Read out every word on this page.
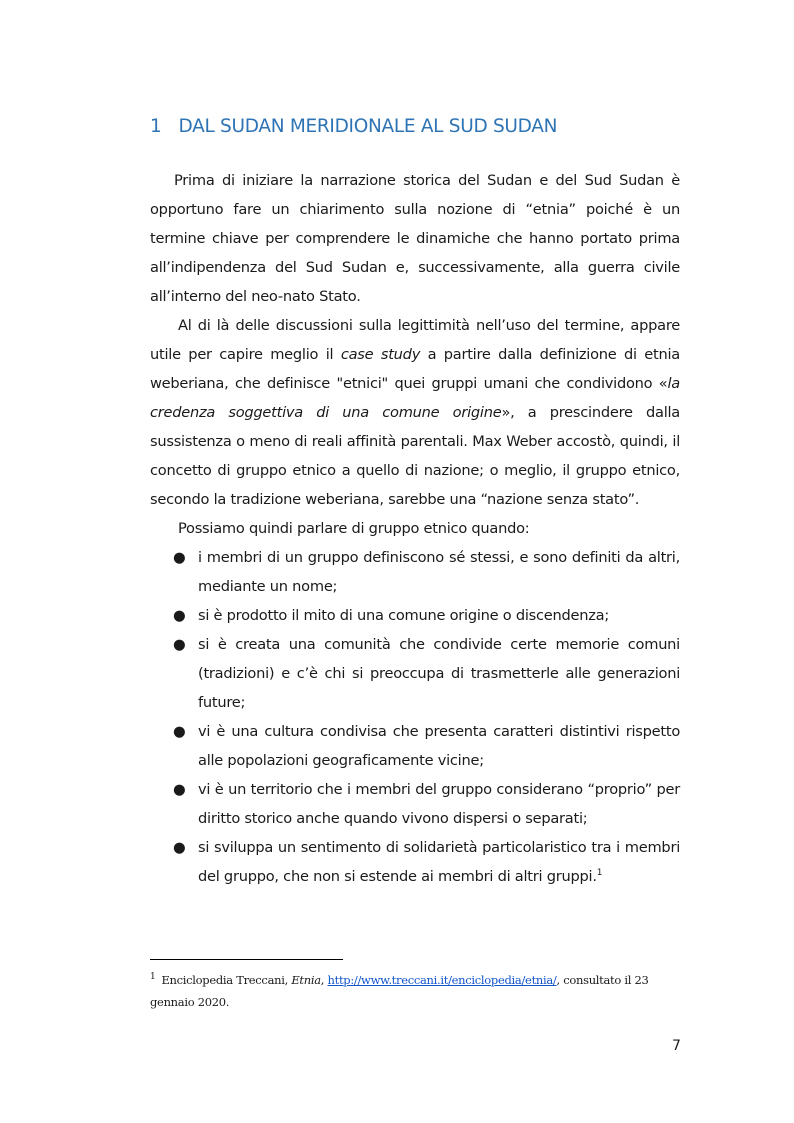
1 DAL SUDAN MERIDIONALE AL SUD SUDAN

Prima di iniziare la narrazione storica del Sudan e del Sud Sudan è opportuno fare un chiarimento sulla nozione di “etnia” poiché è un termine chiave per comprendere le dinamiche che hanno portato prima all’indipendenza del Sud Sudan e, successivamente, alla guerra civile all’interno del neo-nato Stato.

Al di là delle discussioni sulla legittimità nell’uso del termine, appare utile per capire meglio il case study a partire dalla definizione di etnia weberiana, che definisce "etnici" quei gruppi umani che condividono «la credenza soggettiva di una comune origine», a prescindere dalla sussistenza o meno di reali affinità parentali. Max Weber accostò, quindi, il concetto di gruppo etnico a quello di nazione; o meglio, il gruppo etnico, secondo la tradizione weberiana, sarebbe una “nazione senza stato”.

Possiamo quindi parlare di gruppo etnico quando:

● i membri di un gruppo definiscono sé stessi, e sono definiti da altri, mediante un nome;
● si è prodotto il mito di una comune origine o discendenza;
● si è creata una comunità che condivide certe memorie comuni (tradizioni) e c’è chi si preoccupa di trasmetterle alle generazioni future;
● vi è una cultura condivisa che presenta caratteri distintivi rispetto alle popolazioni geograficamente vicine;
● vi è un territorio che i membri del gruppo considerano “proprio” per diritto storico anche quando vivono dispersi o separati;
● si sviluppa un sentimento di solidarietà particolaristico tra i membri del gruppo, che non si estende ai membri di altri gruppi.$^1$
$^1$ Enciclopedia Treccani, Etnia, http://www.treccani.it/enciclopedia/etnia/, consultato il 23 gennaio 2020.
7
